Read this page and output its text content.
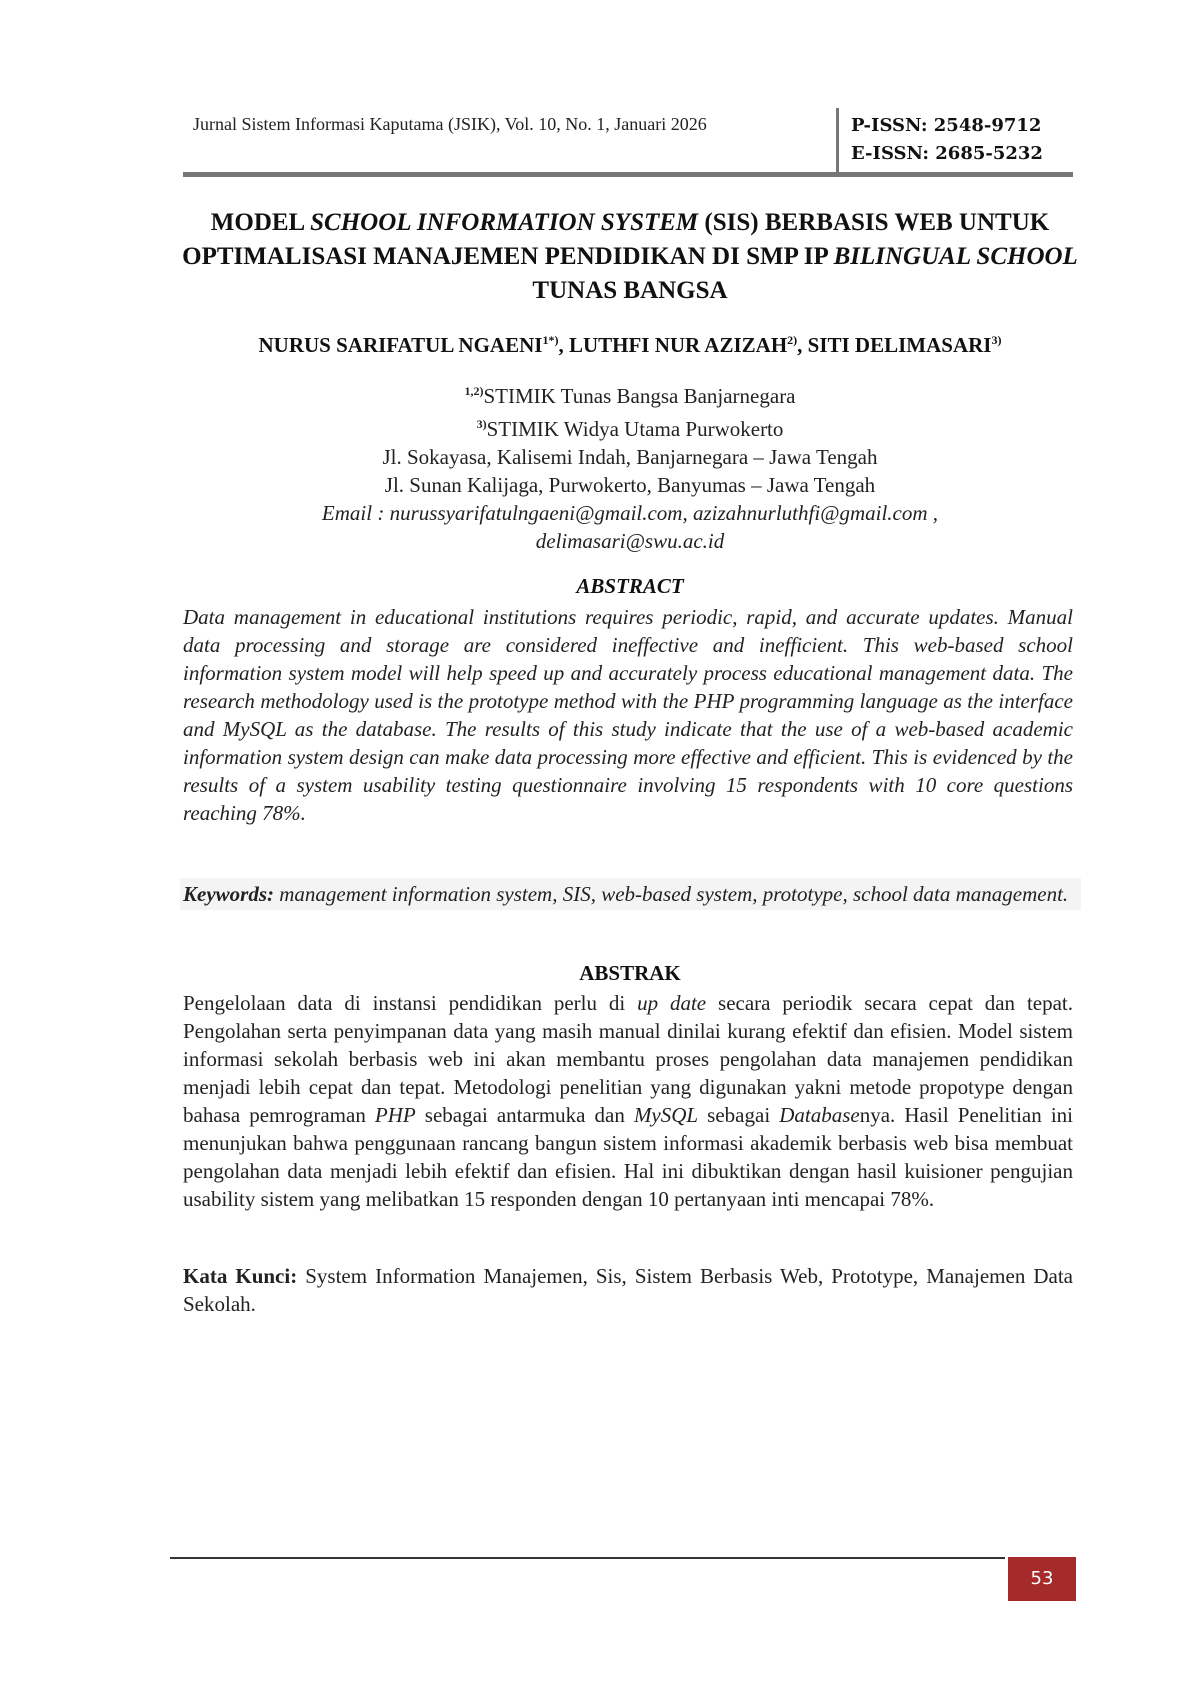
Jurnal Sistem Informasi Kaputama (JSIK), Vol. 10, No. 1, Januari 2026	P-ISSN: 2548-9712
E-ISSN: 2685-5232
MODEL SCHOOL INFORMATION SYSTEM (SIS) BERBASIS WEB UNTUK OPTIMALISASI MANAJEMEN PENDIDIKAN DI SMP IP BILINGUAL SCHOOL TUNAS BANGSA
NURUS SARIFATUL $NGAENI^{1*)}$, LUTHFI NUR AZIZAH$^{2)}$, SITI DELIMASARI$^{3)}$
$^{1,2)}$STIMIK Tunas Bangsa Banjarnegara
$^{3)}$STIMIK Widya Utama Purwokerto
Jl. Sokayasa, Kalisemi Indah, Banjarnegara – Jawa Tengah
Jl. Sunan Kalijaga, Purwokerto, Banyumas – Jawa Tengah
Email : nurussyarifatulngaeni@gmail.com, azizahnurluthfi@gmail.com ,
delimasari@swu.ac.id
ABSTRACT
Data management in educational institutions requires periodic, rapid, and accurate updates. Manual data processing and storage are considered ineffective and inefficient. This web-based school information system model will help speed up and accurately process educational management data. The research methodology used is the prototype method with the PHP programming language as the interface and MySQL as the database. The results of this study indicate that the use of a web-based academic information system design can make data processing more effective and efficient. This is evidenced by the results of a system usability testing questionnaire involving 15 respondents with 10 core questions reaching 78%.
Keywords: management information system, SIS, web-based system, prototype, school data management.
ABSTRAK
Pengelolaan data di instansi pendidikan perlu di up date secara periodik secara cepat dan tepat. Pengolahan serta penyimpanan data yang masih manual dinilai kurang efektif dan efisien. Model sistem informasi sekolah berbasis web ini akan membantu proses pengolahan data manajemen pendidikan menjadi lebih cepat dan tepat. Metodologi penelitian yang digunakan yakni metode propotype dengan bahasa pemrograman PHP sebagai antarmuka dan MySQL sebagai Databasenya. Hasil Penelitian ini menunjukan bahwa penggunaan rancang bangun sistem informasi akademik berbasis web bisa membuat pengolahan data menjadi lebih efektif dan efisien. Hal ini dibuktikan dengan hasil kuisioner pengujian usability sistem yang melibatkan 15 responden dengan 10 pertanyaan inti mencapai 78%.
Kata Kunci: System Information Manajemen, Sis, Sistem Berbasis Web, Prototype, Manajemen Data Sekolah.
53
